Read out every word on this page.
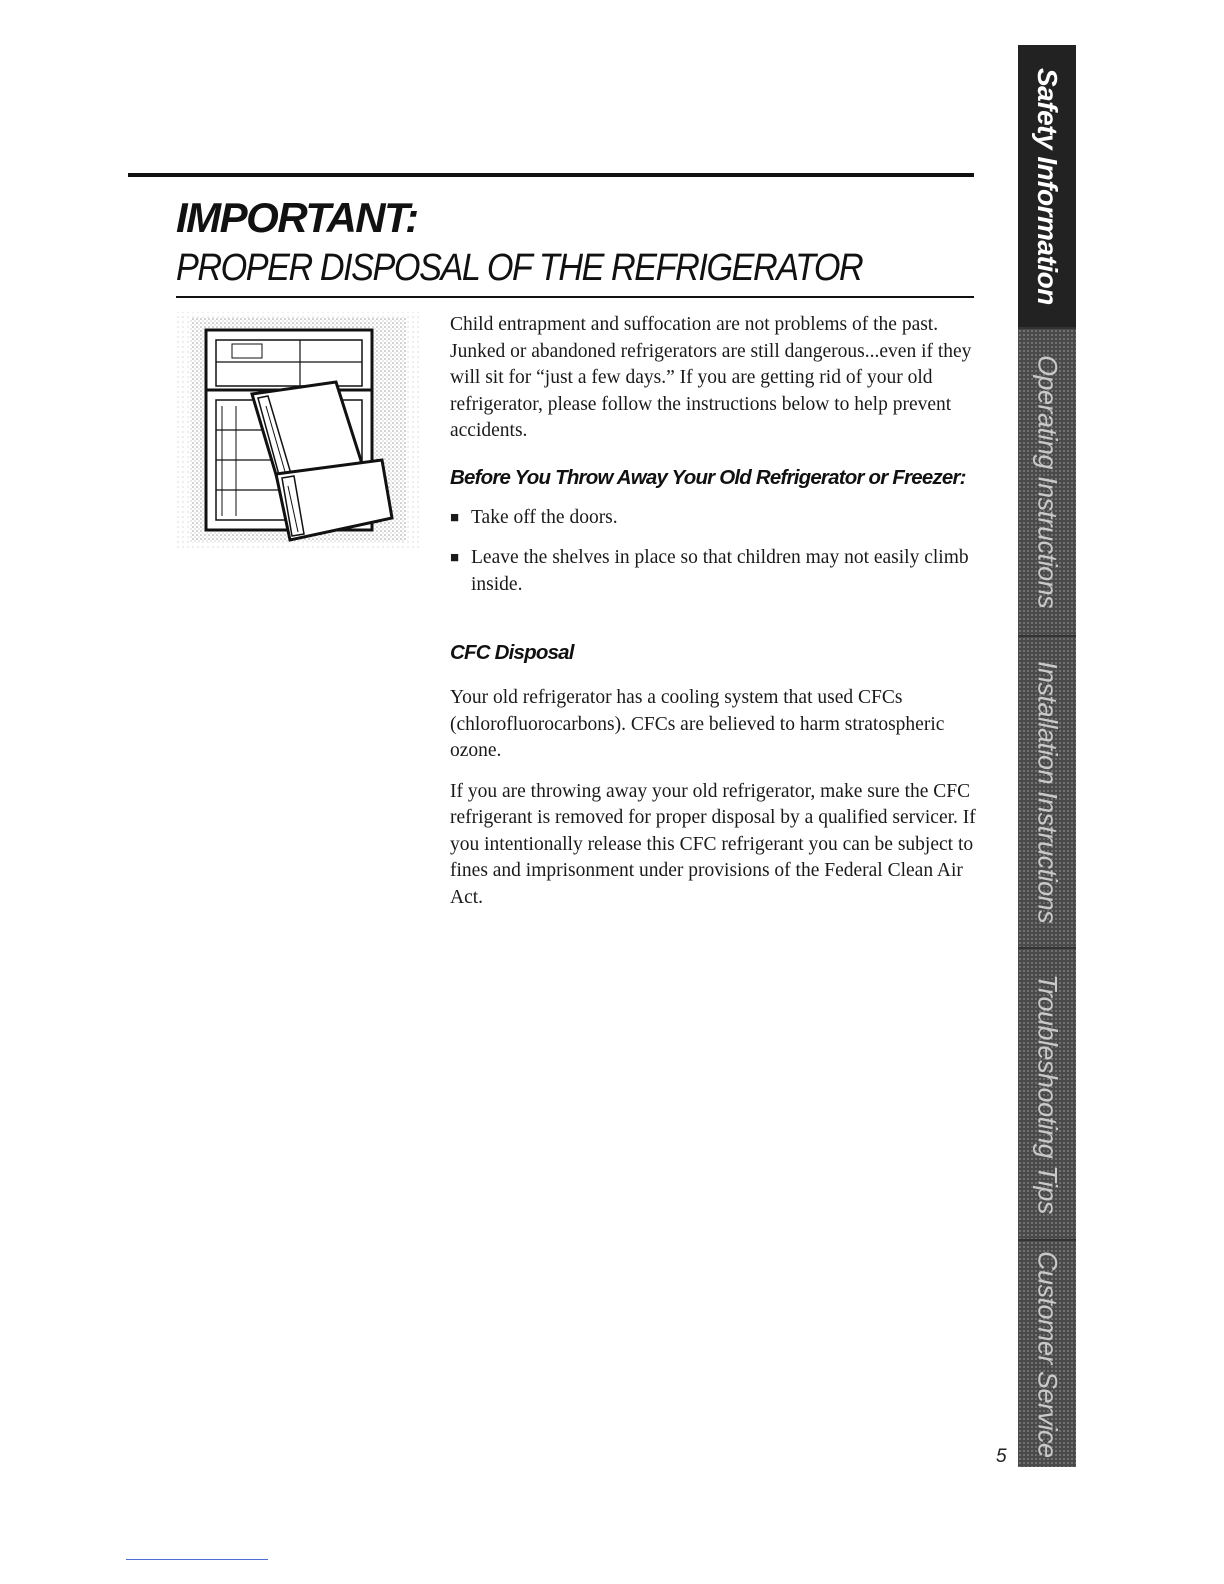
IMPORTANT:
PROPER DISPOSAL OF THE REFRIGERATOR

Child entrapment and suffocation are not problems of the past. Junked or abandoned refrigerators are still dangerous...even if they will sit for “just a few days.” If you are getting rid of your old refrigerator, please follow the instructions below to help prevent accidents.

Before You Throw Away Your Old Refrigerator or Freezer:
■ Take off the doors.
■ Leave the shelves in place so that children may not easily climb inside.
CFC Disposal

Your old refrigerator has a cooling system that used CFCs (chlorofluorocarbons). CFCs are believed to harm stratospheric ozone.

If you are throwing away your old refrigerator, make sure the CFC refrigerant is removed for proper disposal by a qualified servicer. If you intentionally release this CFC refrigerant you can be subject to fines and imprisonment under provisions of the Federal Clean Air Act.

Safety Information
Operating Instructions
Installation Instructions
Troubleshooting Tips
Customer Service
5
